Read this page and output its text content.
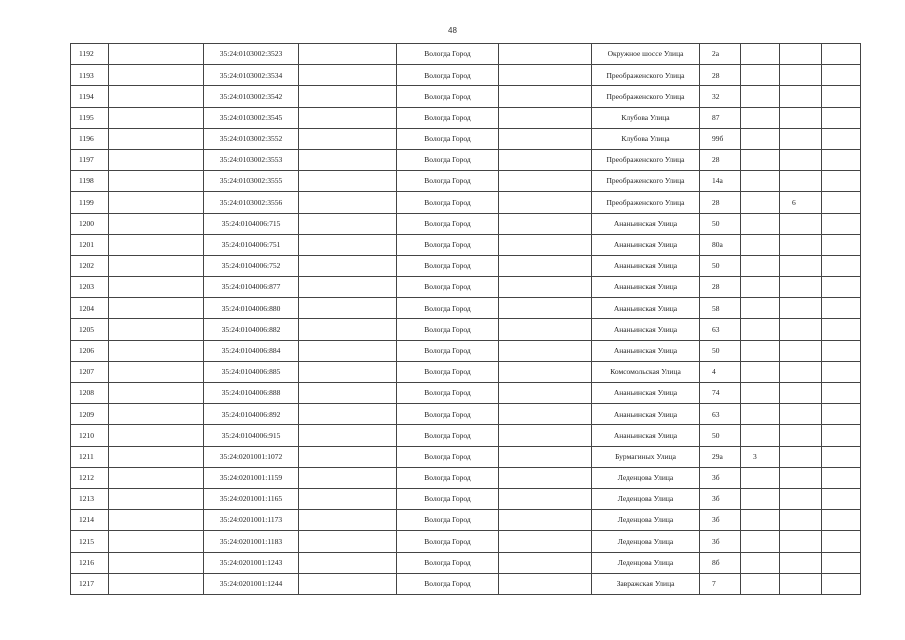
48
1192		35:24:0103002:3523		Вологда Город		Окружное шоссе Улица	2а			
1193		35:24:0103002:3534		Вологда Город		Преображенского Улица	28			
1194		35:24:0103002:3542		Вологда Город		Преображенского Улица	32			
1195		35:24:0103002:3545		Вологда Город		Клубова Улица	87			
1196		35:24:0103002:3552		Вологда Город		Клубова Улица	99б			
1197		35:24:0103002:3553		Вологда Город		Преображенского Улица	28			
1198		35:24:0103002:3555		Вологда Город		Преображенского Улица	14а			
1199		35:24:0103002:3556		Вологда Город		Преображенского Улица	28		6	
1200		35:24:0104006:715		Вологда Город		Ананьинская Улица	50			
1201		35:24:0104006:751		Вологда Город		Ананьинская Улица	80а			
1202		35:24:0104006:752		Вологда Город		Ананьинская Улица	50			
1203		35:24:0104006:877		Вологда Город		Ананьинская Улица	28			
1204		35:24:0104006:880		Вологда Город		Ананьинская Улица	58			
1205		35:24:0104006:882		Вологда Город		Ананьинская Улица	63			
1206		35:24:0104006:884		Вологда Город		Ананьинская Улица	50			
1207		35:24:0104006:885		Вологда Город		Комсомольская Улица	4			
1208		35:24:0104006:888		Вологда Город		Ананьинская Улица	74			
1209		35:24:0104006:892		Вологда Город		Ананьинская Улица	63			
1210		35:24:0104006:915		Вологда Город		Ананьинская Улица	50			
1211		35:24:0201001:1072		Вологда Город		Бурмагиных Улица	29а	3		
1212		35:24:0201001:1159		Вологда Город		Леденцова Улица	3б			
1213		35:24:0201001:1165		Вологда Город		Леденцова Улица	3б			
1214		35:24:0201001:1173		Вологда Город		Леденцова Улица	3б			
1215		35:24:0201001:1183		Вологда Город		Леденцова Улица	3б			
1216		35:24:0201001:1243		Вологда Город		Леденцова Улица	8б			
1217		35:24:0201001:1244		Вологда Город		Завражская Улица	7			
